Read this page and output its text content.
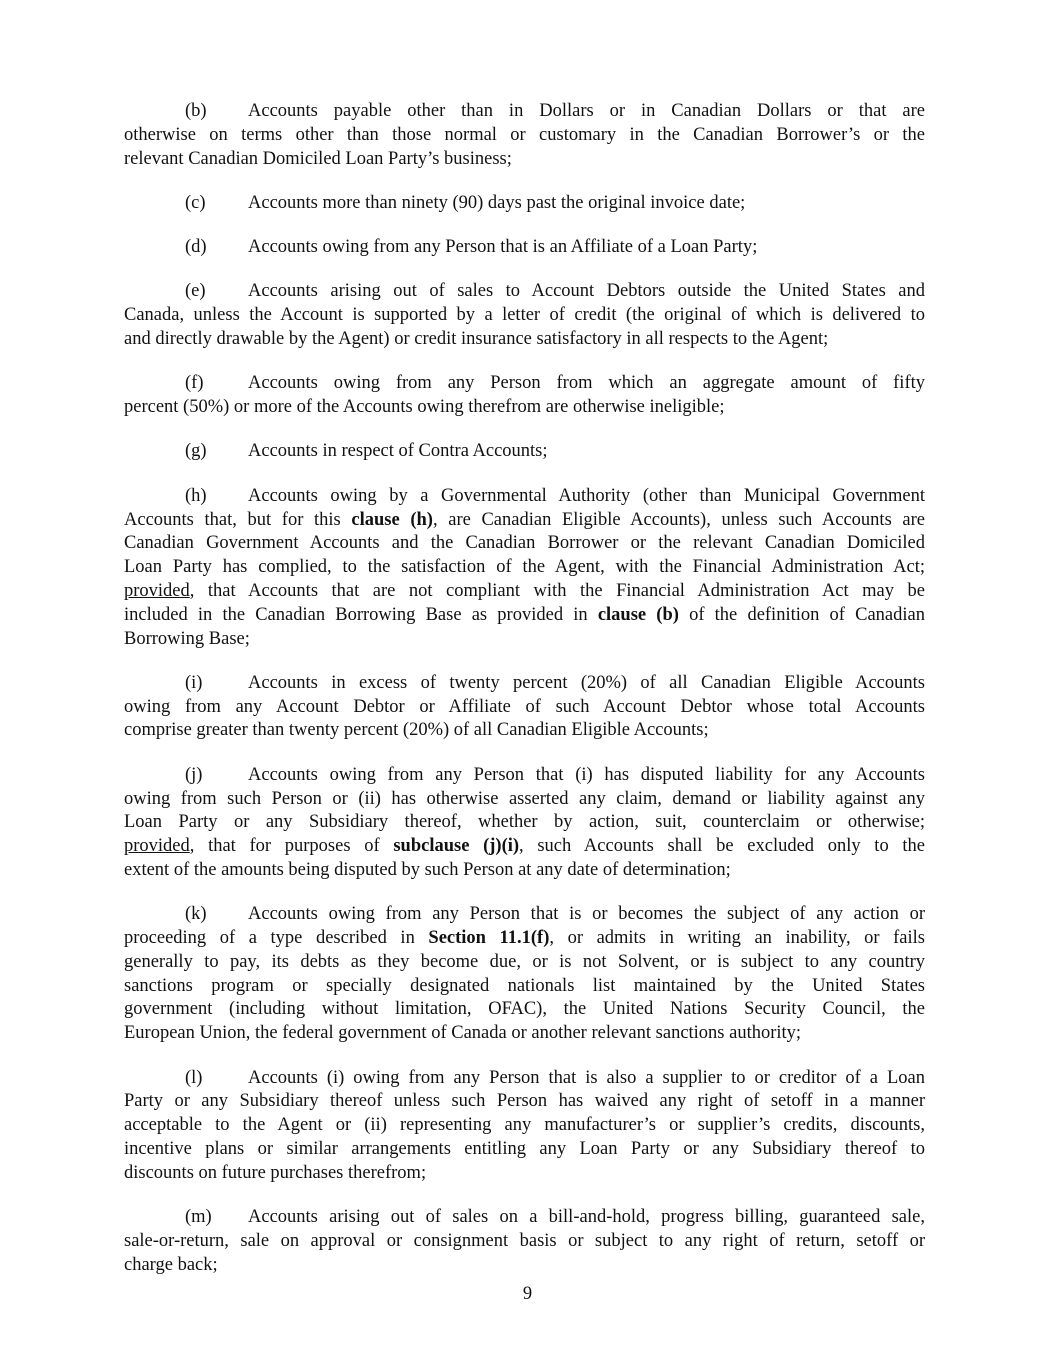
(b)	Accounts payable other than in Dollars or in Canadian Dollars or that are
otherwise on terms other than those normal or customary in the Canadian Borrower’s or the
relevant Canadian Domiciled Loan Party’s business;
(c)	Accounts more than ninety (90) days past the original invoice date;
(d)	Accounts owing from any Person that is an Affiliate of a Loan Party;
(e)	Accounts arising out of sales to Account Debtors outside the United States and
Canada, unless the Account is supported by a letter of credit (the original of which is delivered to
and directly drawable by the Agent) or credit insurance satisfactory in all respects to the Agent;
(f)	Accounts owing from any Person from which an aggregate amount of fifty
percent (50%) or more of the Accounts owing therefrom are otherwise ineligible;
(g)	Accounts in respect of Contra Accounts;
(h)	Accounts owing by a Governmental Authority (other than Municipal Government
Accounts that, but for this clause (h), are Canadian Eligible Accounts), unless such Accounts are
Canadian Government Accounts and the Canadian Borrower or the relevant Canadian Domiciled
Loan Party has complied, to the satisfaction of the Agent, with the Financial Administration Act;
provided, that Accounts that are not compliant with the Financial Administration Act may be
included in the Canadian Borrowing Base as provided in clause (b) of the definition of Canadian
Borrowing Base;
(i)	Accounts in excess of twenty percent (20%) of all Canadian Eligible Accounts
owing from any Account Debtor or Affiliate of such Account Debtor whose total Accounts
comprise greater than twenty percent (20%) of all Canadian Eligible Accounts;
(j)	Accounts owing from any Person that (i) has disputed liability for any Accounts
owing from such Person or (ii) has otherwise asserted any claim, demand or liability against any
Loan Party or any Subsidiary thereof, whether by action, suit, counterclaim or otherwise;
provided, that for purposes of subclause (j)(i), such Accounts shall be excluded only to the
extent of the amounts being disputed by such Person at any date of determination;
(k)	Accounts owing from any Person that is or becomes the subject of any action or
proceeding of a type described in Section 11.1(f), or admits in writing an inability, or fails
generally to pay, its debts as they become due, or is not Solvent, or is subject to any country
sanctions program or specially designated nationals list maintained by the United States
government (including without limitation, OFAC), the United Nations Security Council, the
European Union, the federal government of Canada or another relevant sanctions authority;
(l)	Accounts (i) owing from any Person that is also a supplier to or creditor of a Loan
Party or any Subsidiary thereof unless such Person has waived any right of setoff in a manner
acceptable to the Agent or (ii) representing any manufacturer’s or supplier’s credits, discounts,
incentive plans or similar arrangements entitling any Loan Party or any Subsidiary thereof to
discounts on future purchases therefrom;
(m)	Accounts arising out of sales on a bill-and-hold, progress billing, guaranteed sale,
sale-or-return, sale on approval or consignment basis or subject to any right of return, setoff or
charge back;
9
